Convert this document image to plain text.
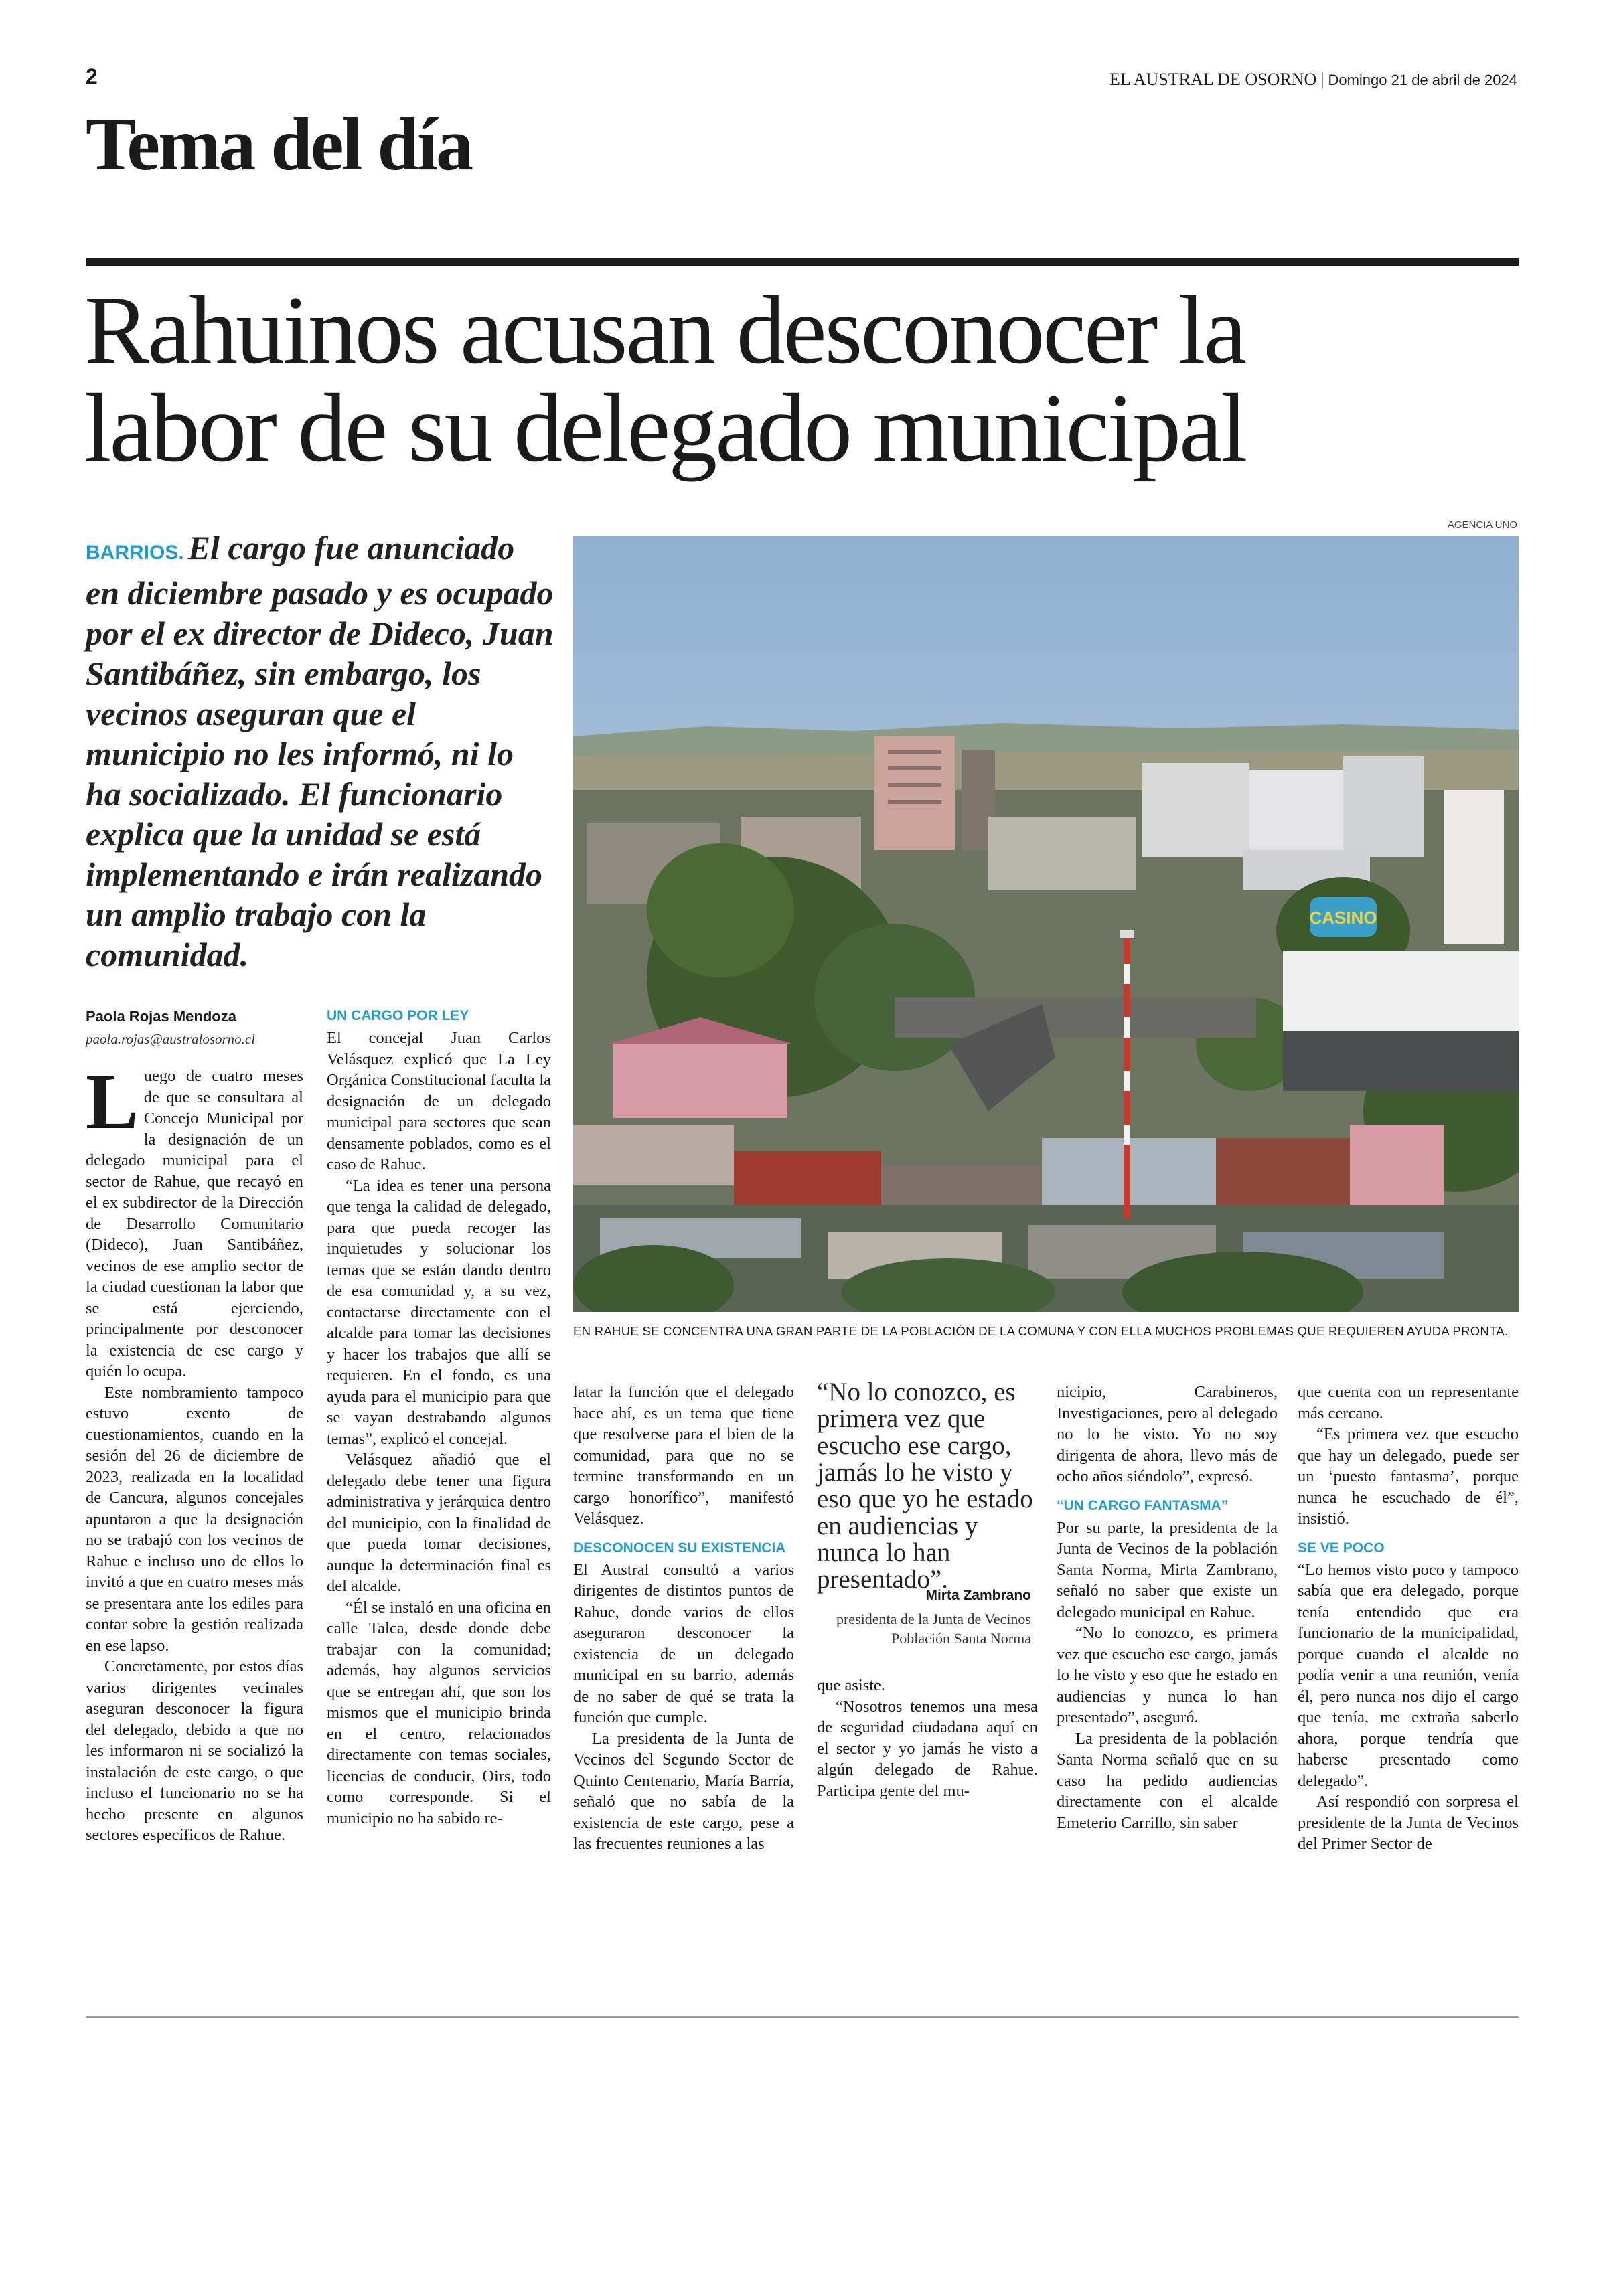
2	EL AUSTRAL DE OSORNO | Domingo 21 de abril de 2024
Tema del día
Rahuinos acusan desconocer la
labor de su delegado municipal
BARRIOS. El cargo fue anunciado en diciembre pasado y es ocupado por el ex director de Dideco, Juan Santibáñez, sin embargo, los vecinos aseguran que el municipio no les informó, ni lo ha socializado. El funcionario explica que la unidad se está implementando e irán realizando un amplio trabajo con la comunidad.
AGENCIA UNO
CASINO
EN RAHUE SE CONCENTRA UNA GRAN PARTE DE LA POBLACIÓN DE LA COMUNA Y CON ELLA MUCHOS PROBLEMAS QUE REQUIEREN AYUDA PRONTA.
Paola Rojas Mendoza
paola.rojas@australosorno.cl

Luego de cuatro meses de que se consultara al Concejo Municipal por la designación de un delegado municipal para el sector de Rahue, que recayó en el ex subdirector de la Dirección de Desarrollo Comunitario (Dideco), Juan Santibáñez, vecinos de ese amplio sector de la ciudad cuestionan la labor que se está ejerciendo, principalmente por desconocer la existencia de ese cargo y quién lo ocupa.

Este nombramiento tampoco estuvo exento de cuestionamientos, cuando en la sesión del 26 de diciembre de 2023, realizada en la localidad de Cancura, algunos concejales apuntaron a que la designación no se trabajó con los vecinos de Rahue e incluso uno de ellos lo invitó a que en cuatro meses más se presentara ante los ediles para contar sobre la gestión realizada en ese lapso.

Concretamente, por estos días varios dirigentes vecinales aseguran desconocer la figura del delegado, debido a que no les informaron ni se socializó la instalación de este cargo, o que incluso el funcionario no se ha hecho presente en algunos sectores específicos de Rahue.

UN CARGO POR LEY

El concejal Juan Carlos Velásquez explicó que La Ley Orgánica Constitucional faculta la designación de un delegado municipal para sectores que sean densamente poblados, como es el caso de Rahue.

“La idea es tener una persona que tenga la calidad de delegado, para que pueda recoger las inquietudes y solucionar los temas que se están dando dentro de esa comunidad y, a su vez, contactarse directamente con el alcalde para tomar las decisiones y hacer los trabajos que allí se requieren. En el fondo, es una ayuda para el municipio para que se vayan destrabando algunos temas”, explicó el concejal.

Velásquez añadió que el delegado debe tener una figura administrativa y jerárquica dentro del municipio, con la finalidad de que pueda tomar decisiones, aunque la determinación final es del alcalde.

“Él se instaló en una oficina en calle Talca, desde donde debe trabajar con la comunidad; además, hay algunos servicios que se entregan ahí, que son los mismos que el municipio brinda en el centro, relacionados directamente con temas sociales, licencias de conducir, Oirs, todo como corresponde. Si el municipio no ha sabido re-

latar la función que el delegado hace ahí, es un tema que tiene que resolverse para el bien de la comunidad, para que no se termine transformando en un cargo honorífico”, manifestó Velásquez.

DESCONOCEN SU EXISTENCIA

El Austral consultó a varios dirigentes de distintos puntos de Rahue, donde varios de ellos aseguraron desconocer la existencia de un delegado municipal en su barrio, además de no saber de qué se trata la función que cumple.

La presidenta de la Junta de Vecinos del Segundo Sector de Quinto Centenario, María Barría, señaló que no sabía de la existencia de este cargo, pese a las frecuentes reuniones a las

“No lo conozco, es primera vez que escucho ese cargo, jamás lo he visto y eso que yo he estado en audiencias y nunca lo han presentado”.
Mirta Zambrano
presidenta de la Junta de Vecinos Población Santa Norma

que asiste.

“Nosotros tenemos una mesa de seguridad ciudadana aquí en el sector y yo jamás he visto a algún delegado de Rahue. Participa gente del mu-

nicipio, Carabineros, Investigaciones, pero al delegado no lo he visto. Yo no soy dirigenta de ahora, llevo más de ocho años siéndolo”, expresó.

“UN CARGO FANTASMA”

Por su parte, la presidenta de la Junta de Vecinos de la población Santa Norma, Mirta Zambrano, señaló no saber que existe un delegado municipal en Rahue.

“No lo conozco, es primera vez que escucho ese cargo, jamás lo he visto y eso que he estado en audiencias y nunca lo han presentado”, aseguró.

La presidenta de la población Santa Norma señaló que en su caso ha pedido audiencias directamente con el alcalde Emeterio Carrillo, sin saber

que cuenta con un representante más cercano.

“Es primera vez que escucho que hay un delegado, puede ser un ‘puesto fantasma’, porque nunca he escuchado de él”, insistió.

SE VE POCO

“Lo hemos visto poco y tampoco sabía que era delegado, porque tenía entendido que era funcionario de la municipalidad, porque cuando el alcalde no podía venir a una reunión, venía él, pero nunca nos dijo el cargo que tenía, me extraña saberlo ahora, porque tendría que haberse presentado como delegado”.

Así respondió con sorpresa el presidente de la Junta de Vecinos del Primer Sector de
